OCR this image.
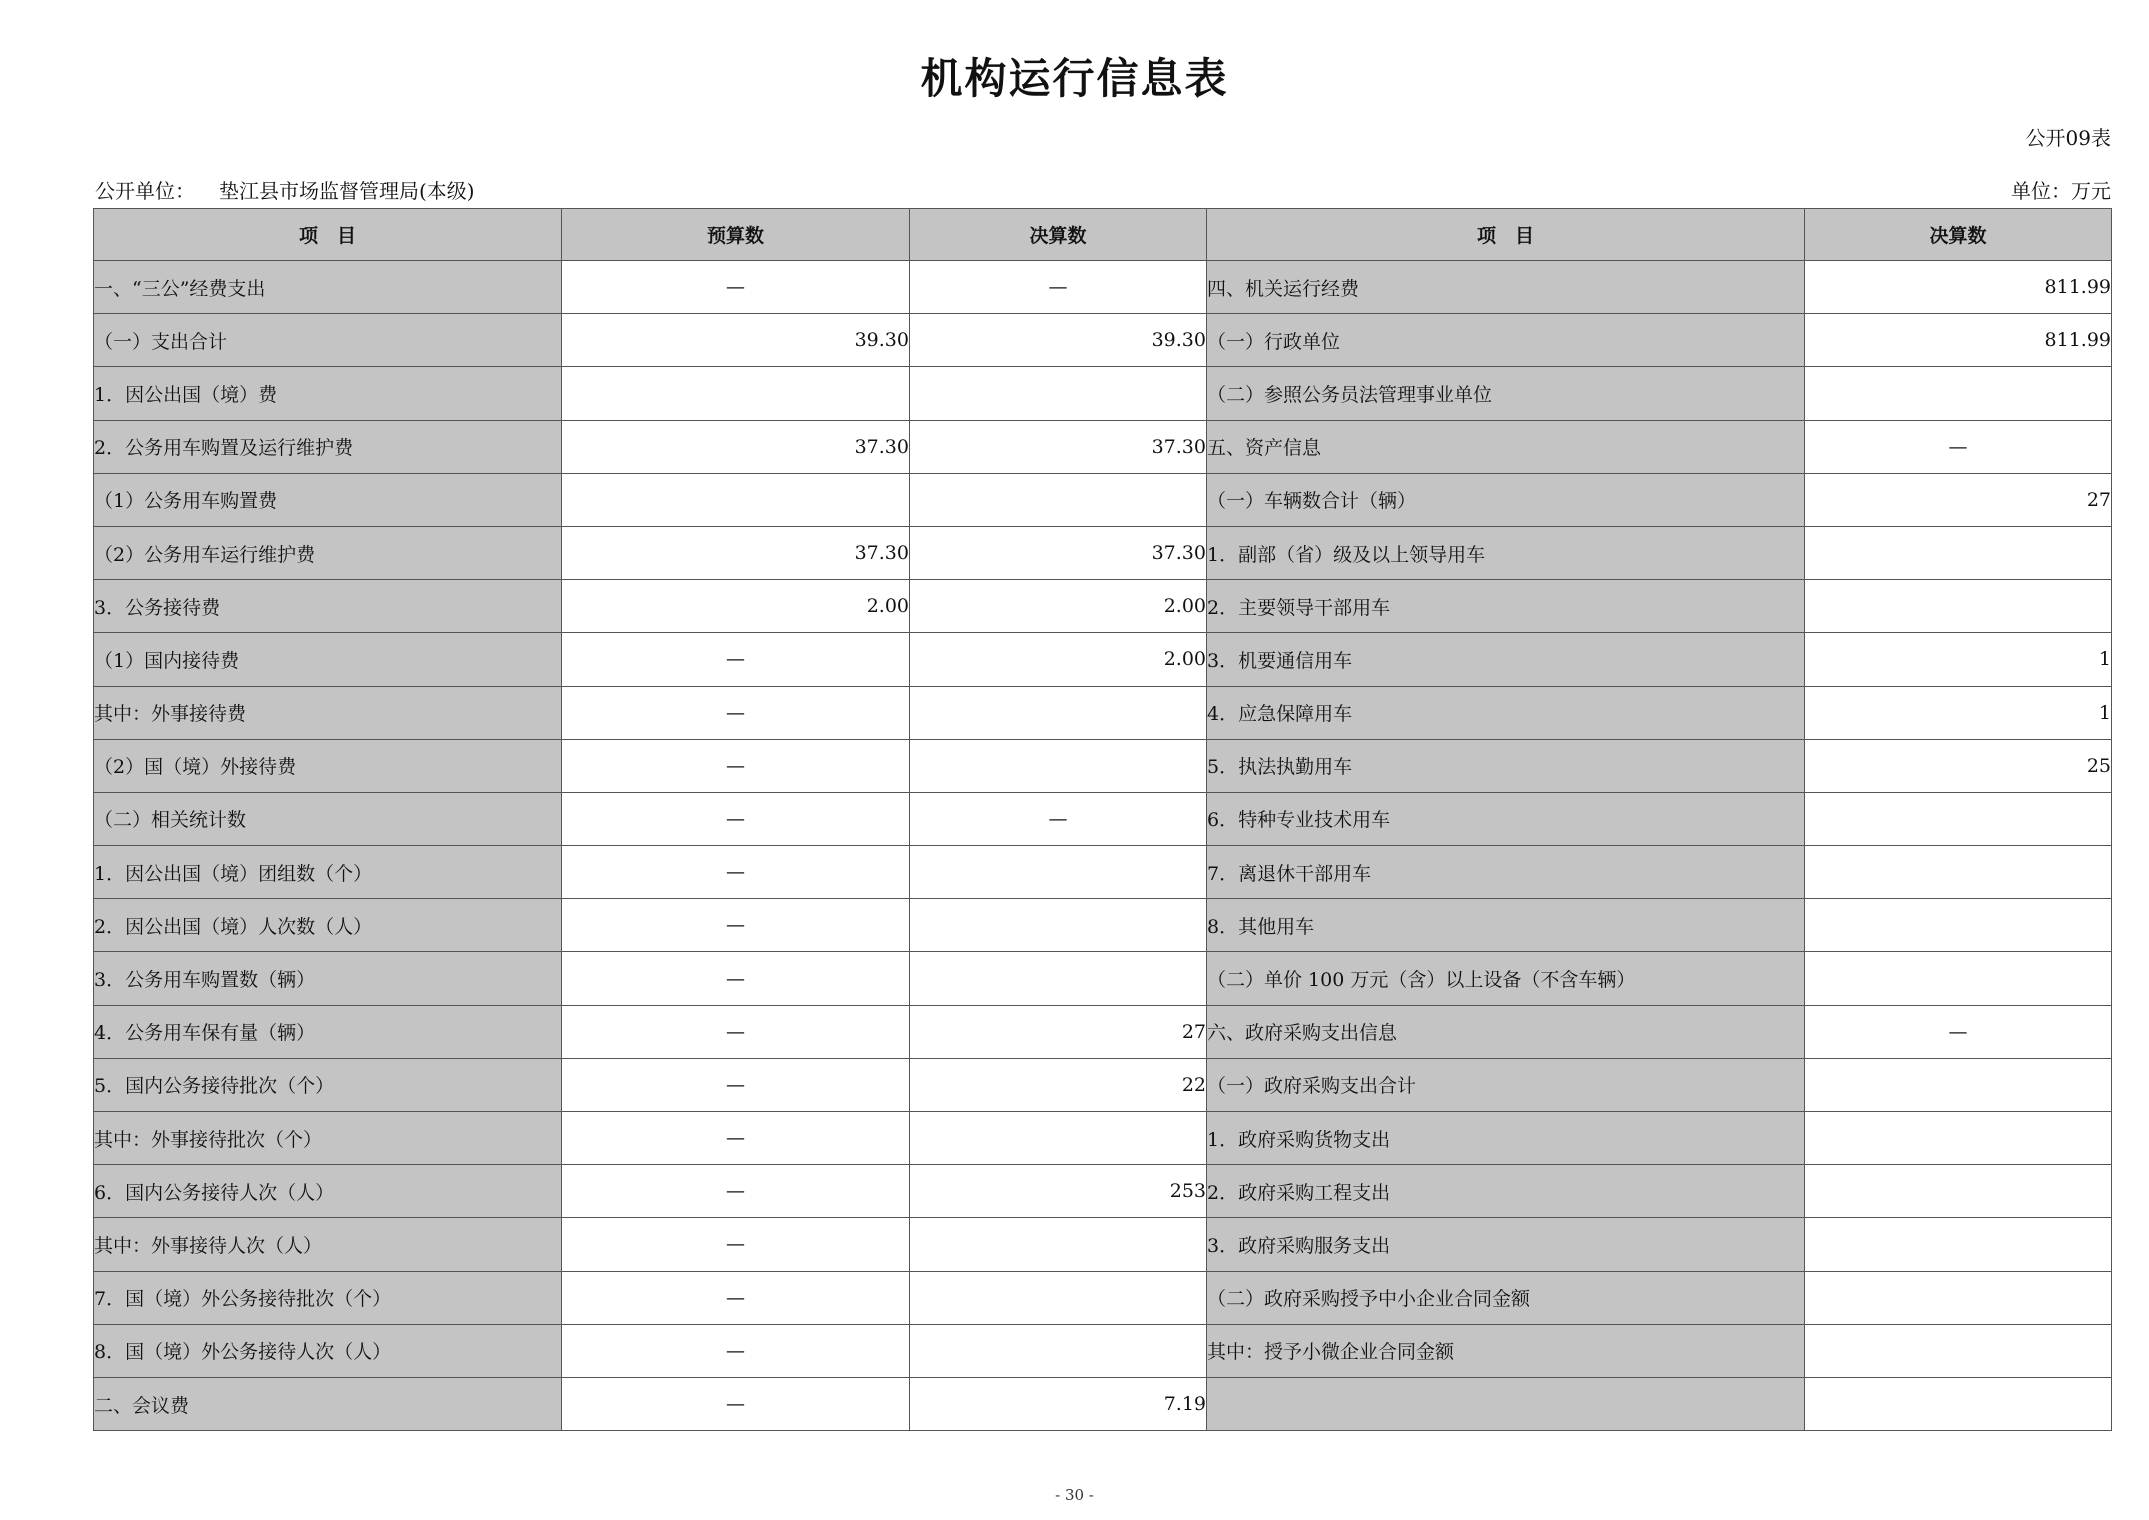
机构运行信息表
公开09表
公开单位： 垫江县市场监督管理局(本级)	单位：万元
项　目	预算数	决算数	项　目	决算数
一、“三公”经费支出	—	—	四、机关运行经费	811.99
（一）支出合计	39.30	39.30	（一）行政单位	811.99
1．因公出国（境）费			（二）参照公务员法管理事业单位	
2．公务用车购置及运行维护费	37.30	37.30	五、资产信息	—
（1）公务用车购置费			（一）车辆数合计（辆）	27
（2）公务用车运行维护费	37.30	37.30	1．副部（省）级及以上领导用车	
3．公务接待费	2.00	2.00	2．主要领导干部用车	
（1）国内接待费	—	2.00	3．机要通信用车	1
其中：外事接待费	—		4．应急保障用车	1
（2）国（境）外接待费	—		5．执法执勤用车	25
（二）相关统计数	—	—	6．特种专业技术用车	
1．因公出国（境）团组数（个）	—		7．离退休干部用车	
2．因公出国（境）人次数（人）	—		8．其他用车	
3．公务用车购置数（辆）	—		（二）单价 100 万元（含）以上设备（不含车辆）	
4．公务用车保有量（辆）	—	27	六、政府采购支出信息	—
5．国内公务接待批次（个）	—	22	（一）政府采购支出合计	
其中：外事接待批次（个）	—		1．政府采购货物支出	
6．国内公务接待人次（人）	—	253	2．政府采购工程支出	
其中：外事接待人次（人）	—		3．政府采购服务支出	
7．国（境）外公务接待批次（个）	—		（二）政府采购授予中小企业合同金额	
8．国（境）外公务接待人次（人）	—		其中：授予小微企业合同金额	
二、会议费	—	7.19		
- 30 -
